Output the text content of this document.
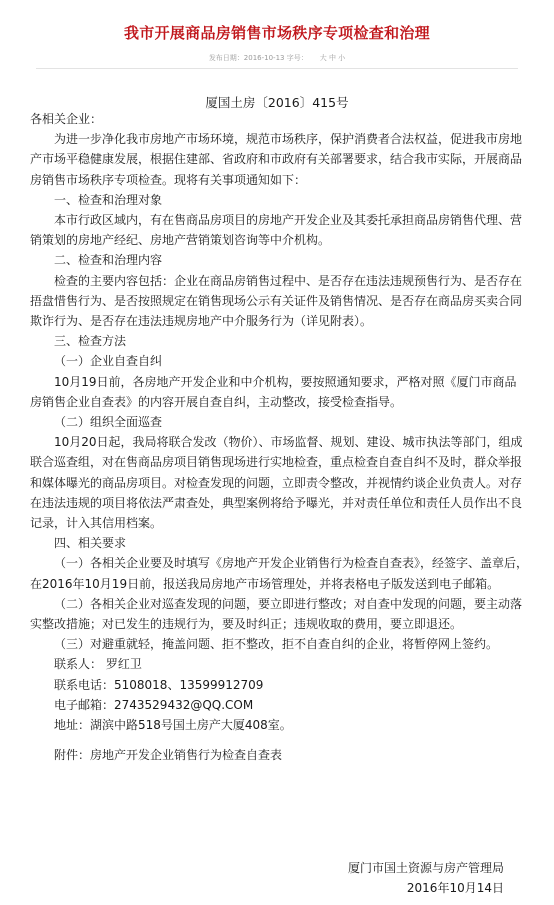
我市开展商品房销售市场秩序专项检查和治理
发布日期：2016-10-13 字号： 大 中 小
厦国土房〔2016〕415号

各相关企业：

为进一步净化我市房地产市场环境，规范市场秩序，保护消费者合法权益，促进我市房地产市场平稳健康发展，根据住建部、省政府和市政府有关部署要求，结合我市实际，开展商品房销售市场秩序专项检查。现将有关事项通知如下：

一、检查和治理对象

本市行政区域内，有在售商品房项目的房地产开发企业及其委托承担商品房销售代理、营销策划的房地产经纪、房地产营销策划咨询等中介机构。

二、检查和治理内容

检查的主要内容包括：企业在商品房销售过程中、是否存在违法违规预售行为、是否存在捂盘惜售行为、是否按照规定在销售现场公示有关证件及销售情况、是否存在商品房买卖合同欺诈行为、是否存在违法违规房地产中介服务行为（详见附表）。

三、检查方法

（一）企业自查自纠

10月19日前，各房地产开发企业和中介机构，要按照通知要求，严格对照《厦门市商品房销售企业自查表》的内容开展自查自纠，主动整改，接受检查指导。

（二）组织全面巡查

10月20日起，我局将联合发改（物价）、市场监督、规划、建设、城市执法等部门，组成联合巡查组，对在售商品房项目销售现场进行实地检查，重点检查自查自纠不及时，群众举报和媒体曝光的商品房项目。对检查发现的问题，立即责令整改，并视情约谈企业负责人。对存在违法违规的项目将依法严肃查处，典型案例将给予曝光，并对责任单位和责任人员作出不良记录，计入其信用档案。

四、相关要求

（一）各相关企业要及时填写《房地产开发企业销售行为检查自查表》，经签字、盖章后，在2016年10月19日前，报送我局房地产市场管理处，并将表格电子版发送到电子邮箱。

（二）各相关企业对巡查发现的问题，要立即进行整改；对自查中发现的问题，要主动落实整改措施；对已发生的违规行为，要及时纠正；违规收取的费用，要立即退还。

（三）对避重就轻，掩盖问题、拒不整改，拒不自查自纠的企业，将暂停网上签约。

联系人： 罗红卫

联系电话：5108018、13599912709

电子邮箱：2743529432@QQ.COM

地址：湖滨中路518号国土房产大厦408室。

附件：房地产开发企业销售行为检查自查表

厦门市国土资源与房产管理局
2016年10月14日
